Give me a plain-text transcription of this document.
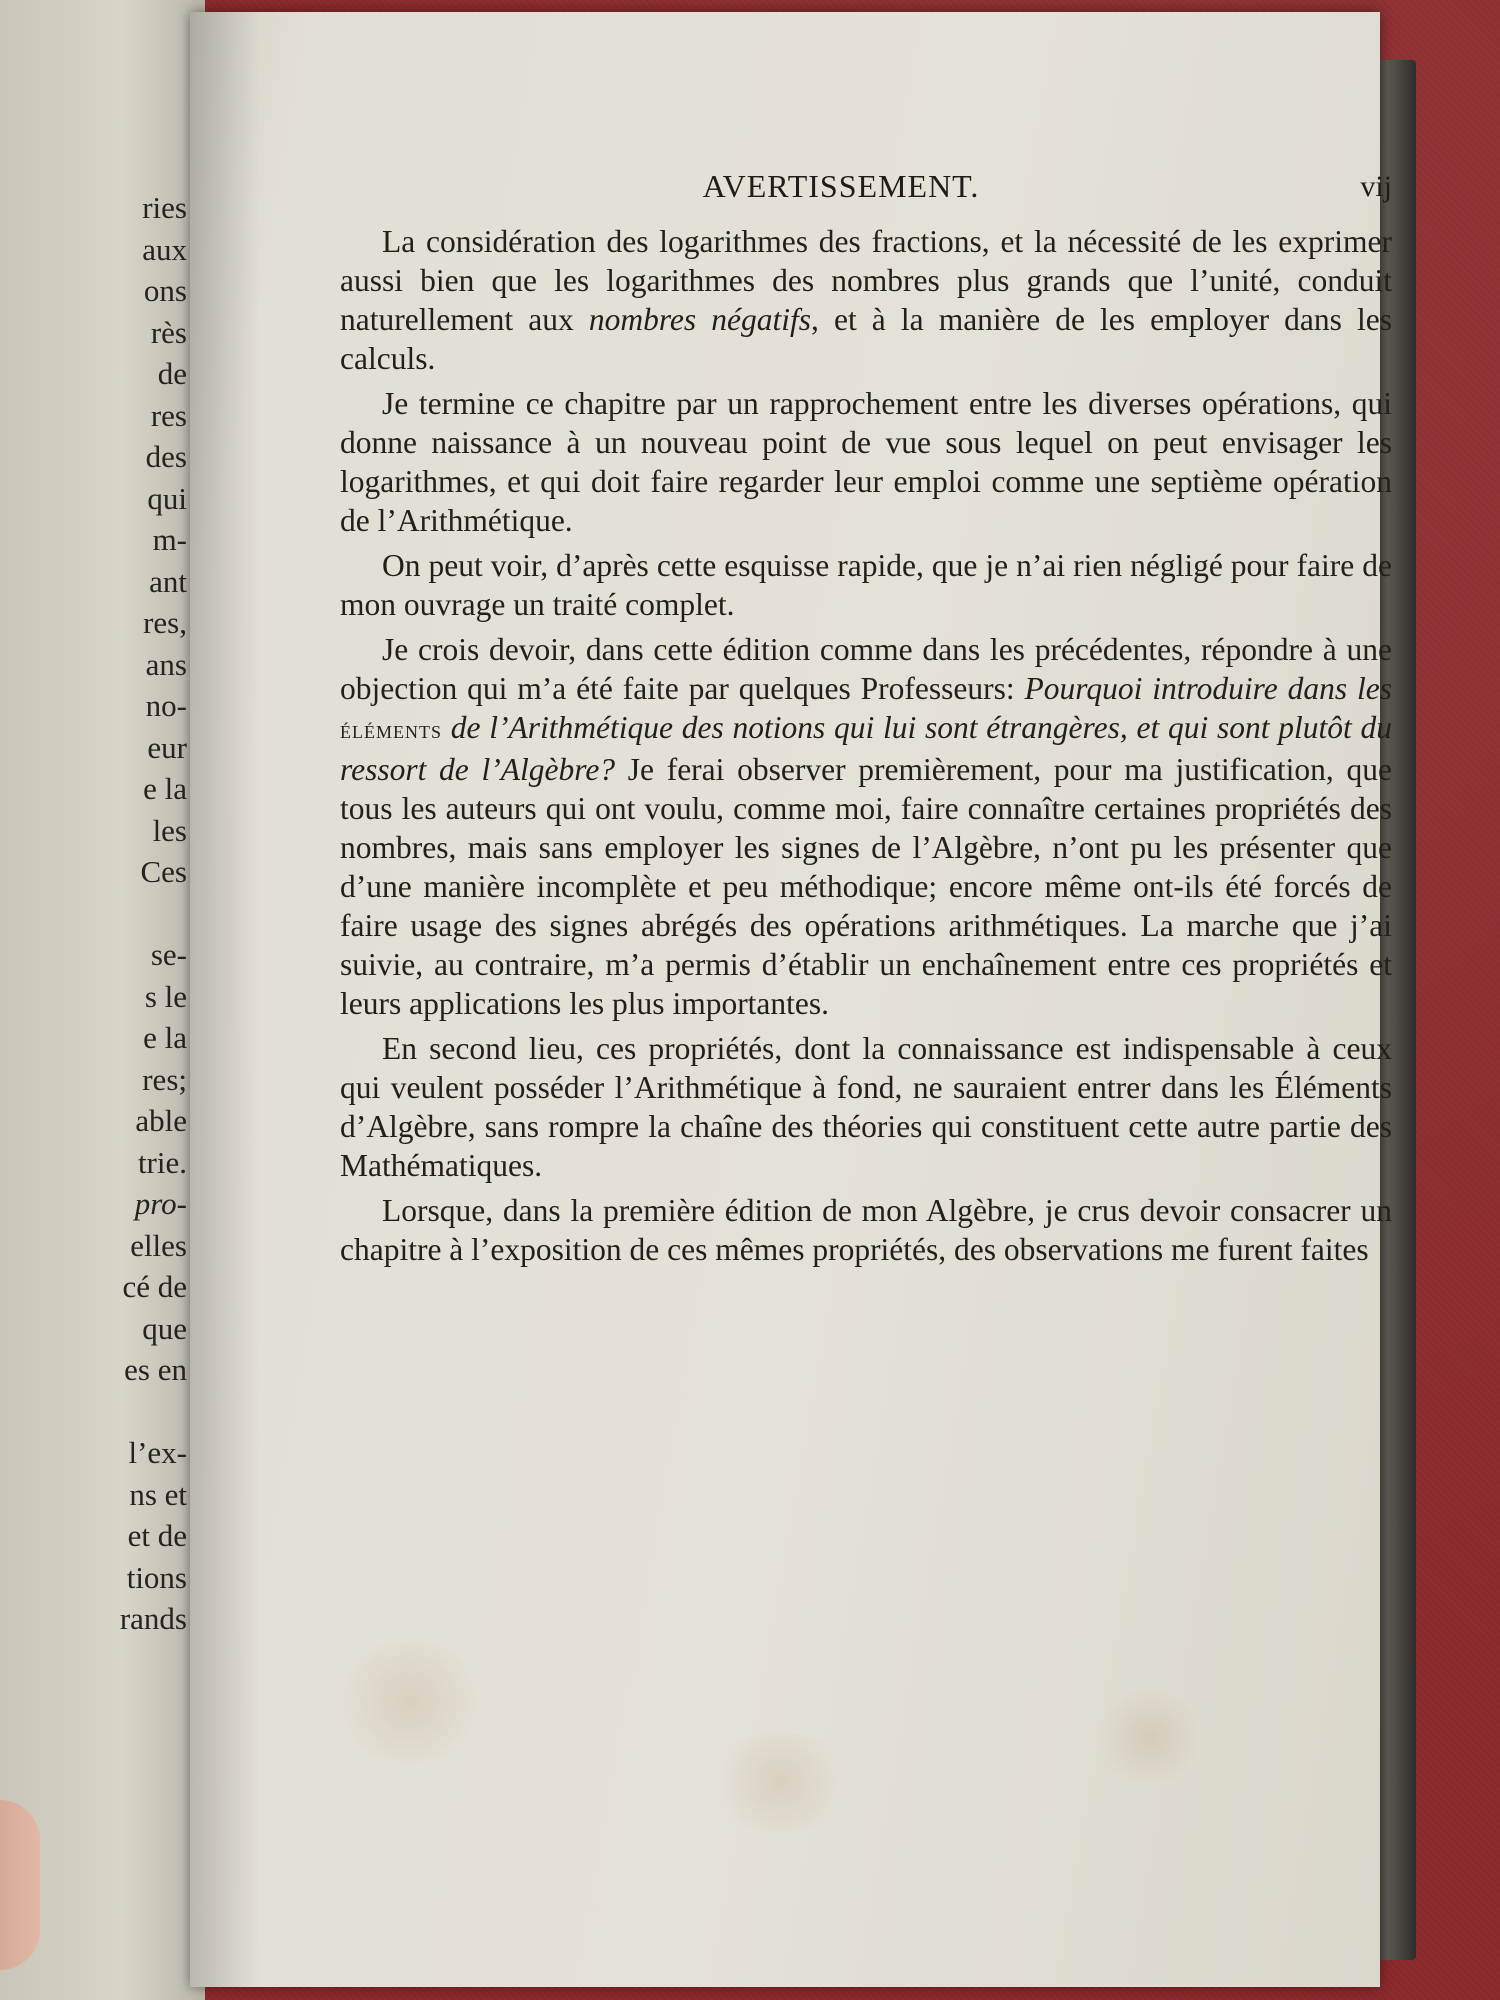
ries
aux
ons
rès
de
res
des
qui
m-
ant
res,
ans
no-
eur
e la
les
Ces
se-
s le
e la
res;
able
trie.
pro-
elles
cé de
que
es en
l’ex-
ns et
et de
tions
rands
AVERTISSEMENT.	vij

La considération des logarithmes des fractions, et la nécessité de les exprimer aussi bien que les logarithmes des nombres plus grands que l’unité, conduit naturellement aux nombres négatifs, et à la manière de les employer dans les calculs.

Je termine ce chapitre par un rapprochement entre les diverses opérations, qui donne naissance à un nouveau point de vue sous lequel on peut envisager les logarithmes, et qui doit faire regarder leur emploi comme une septième opération de l’Arithmétique.

On peut voir, d’après cette esquisse rapide, que je n’ai rien négligé pour faire de mon ouvrage un traité complet.

Je crois devoir, dans cette édition comme dans les précédentes, répondre à une objection qui m’a été faite par quelques Professeurs: Pourquoi introduire dans les éléments de l’Arithmétique des notions qui lui sont étrangères, et qui sont plutôt du ressort de l’Algèbre? Je ferai observer premièrement, pour ma justification, que tous les auteurs qui ont voulu, comme moi, faire connaître certaines propriétés des nombres, mais sans employer les signes de l’Algèbre, n’ont pu les présenter que d’une manière incomplète et peu méthodique; encore même ont-ils été forcés de faire usage des signes abrégés des opérations arithmétiques. La marche que j’ai suivie, au contraire, m’a permis d’établir un enchaînement entre ces propriétés et leurs applications les plus importantes.

En second lieu, ces propriétés, dont la connaissance est indispensable à ceux qui veulent posséder l’Arithmétique à fond, ne sauraient entrer dans les Éléments d’Algèbre, sans rompre la chaîne des théories qui constituent cette autre partie des Mathématiques.

Lorsque, dans la première édition de mon Algèbre, je crus devoir consacrer un chapitre à l’exposition de ces mêmes propriétés, des observations me furent faites
